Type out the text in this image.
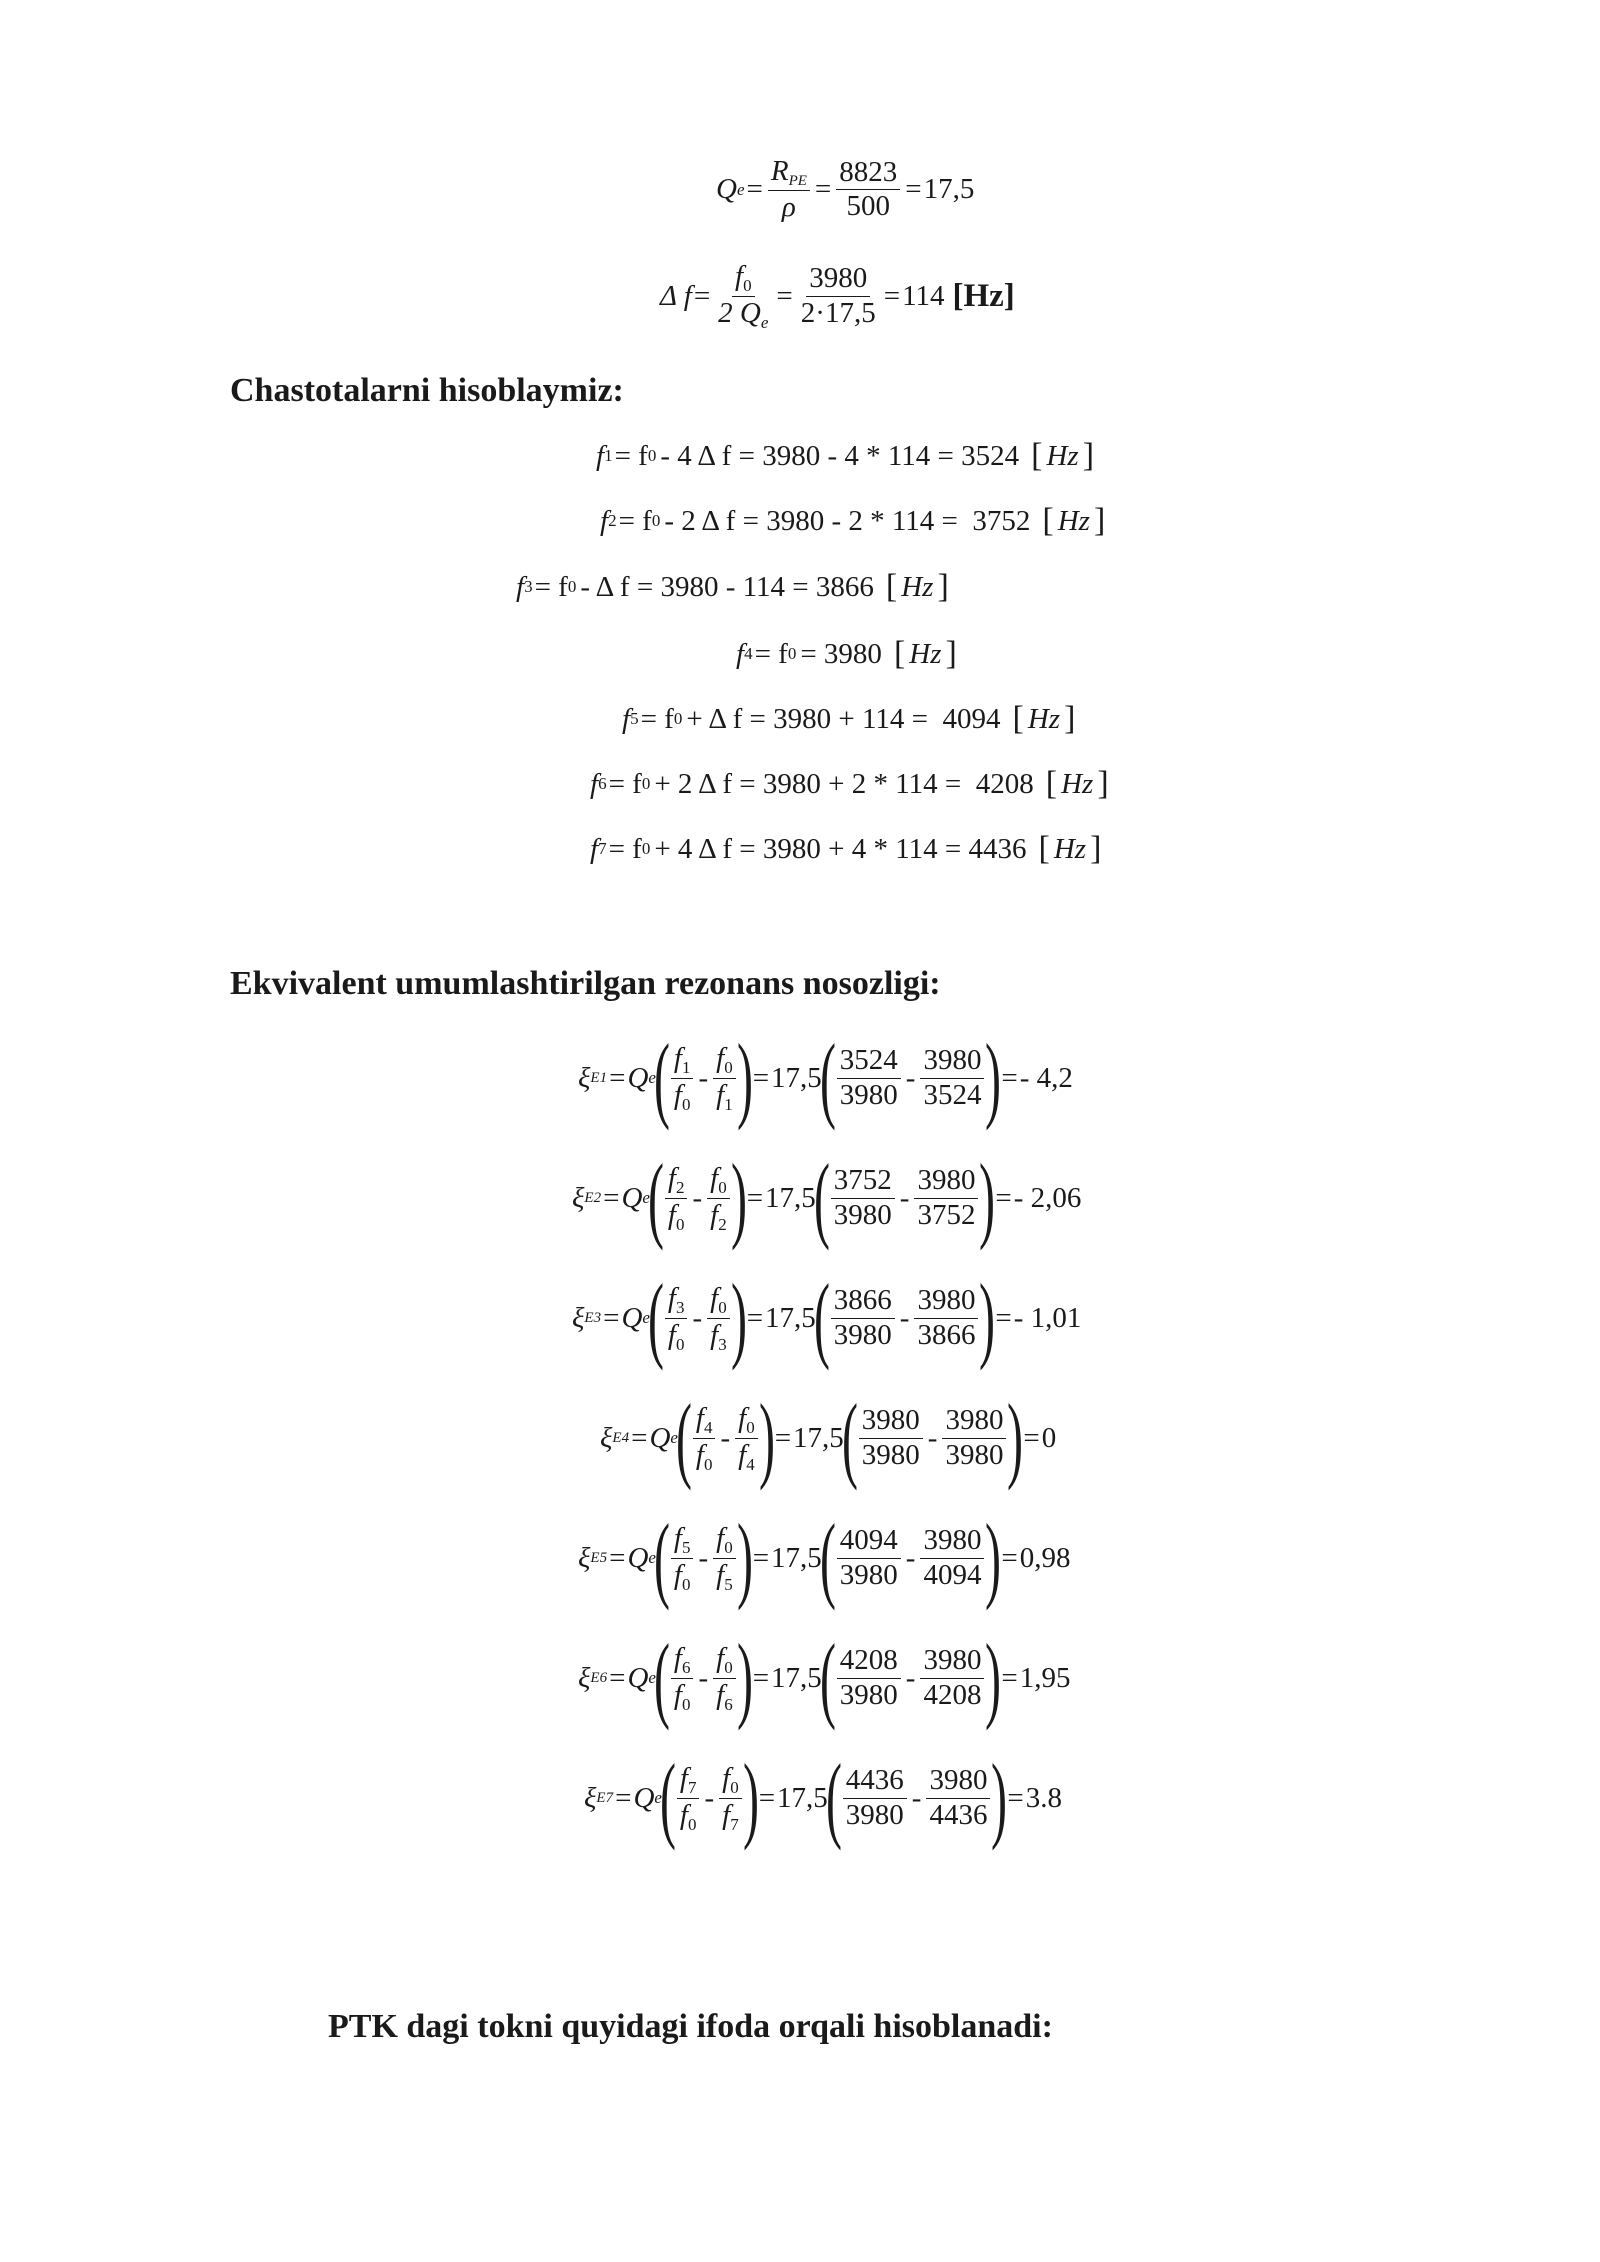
Q $e = \frac{\text{RPE}}{\rho} = \frac{8823}{500} = 17,5$
Δ $f = \frac{f_0}{2 Q_e} = \frac{3980}{2\cdot 17,5} = 114$ [Hz]
Chastotalarni hisoblaymiz:
f 1 = f 0 - 4 Δ f = 3980 - 4 * 114 = 3524 [ Hz ]
f 2 = f 0 - 2 Δ f = 3980 - 2 * 114 =  3752 [ Hz ]
f 3 = f 0 - Δ f = 3980 - 114 = 3866 [ Hz ]
f 4 = f 0 = 3980 [ Hz ]
f 5 = f 0 + Δ f = 3980 + 114 =  4094 [ Hz ]
f 6 = f 0 + 2 Δ f = 3980 + 2 * 114 =  4208 [ Hz ]
f 7 = f 0 + 4 Δ f = 3980 + 4 * 114 = 4436 [ Hz ]
Ekvivalent umumlashtirilgan rezonans nosozligi:
ξ E1 = Q e
( $\frac{f_1}{f_0} - \frac{f_0}{f_1}$ ) = 17,5
( $\frac{3524}{3980} - \frac{3980}{3524}$ ) = - 4,2
ξ E2 = Q e
( $\frac{f_2}{f_0} - \frac{f_0}{f_2}$ ) = 17,5
( $\frac{3752}{3980} - \frac{3980}{3752}$ ) = - 2,06
ξ E3 = Q e
( $\frac{f_3}{f_0} - \frac{f_0}{f_3}$ ) = 17,5
( $\frac{3866}{3980} - \frac{3980}{3866}$ ) = - 1,01
ξ E4 = Q e
( $\frac{f_4}{f_0} - \frac{f_0}{f_4}$ ) = 17,5
( $\frac{3980}{3980} - \frac{3980}{3980}$ ) = 0
ξ E5 = Q e
( $\frac{f_5}{f_0} - \frac{f_0}{f_5}$ ) = 17,5
( $\frac{4094}{3980} - \frac{3980}{4094}$ ) = 0,98
ξ E6 = Q e
( $\frac{f_6}{f_0} - \frac{f_0}{f_6}$ ) = 17,5
( $\frac{4208}{3980} - \frac{3980}{4208}$ ) = 1,95
ξ E7 = Q e
( $\frac{f_7}{f_0} - \frac{f_0}{f_7}$ ) = 17,5
( $\frac{4436}{3980} - \frac{3980}{4436}$ ) = 3.8
PTK dagi tokni quyidagi ifoda orqali hisoblanadi:
